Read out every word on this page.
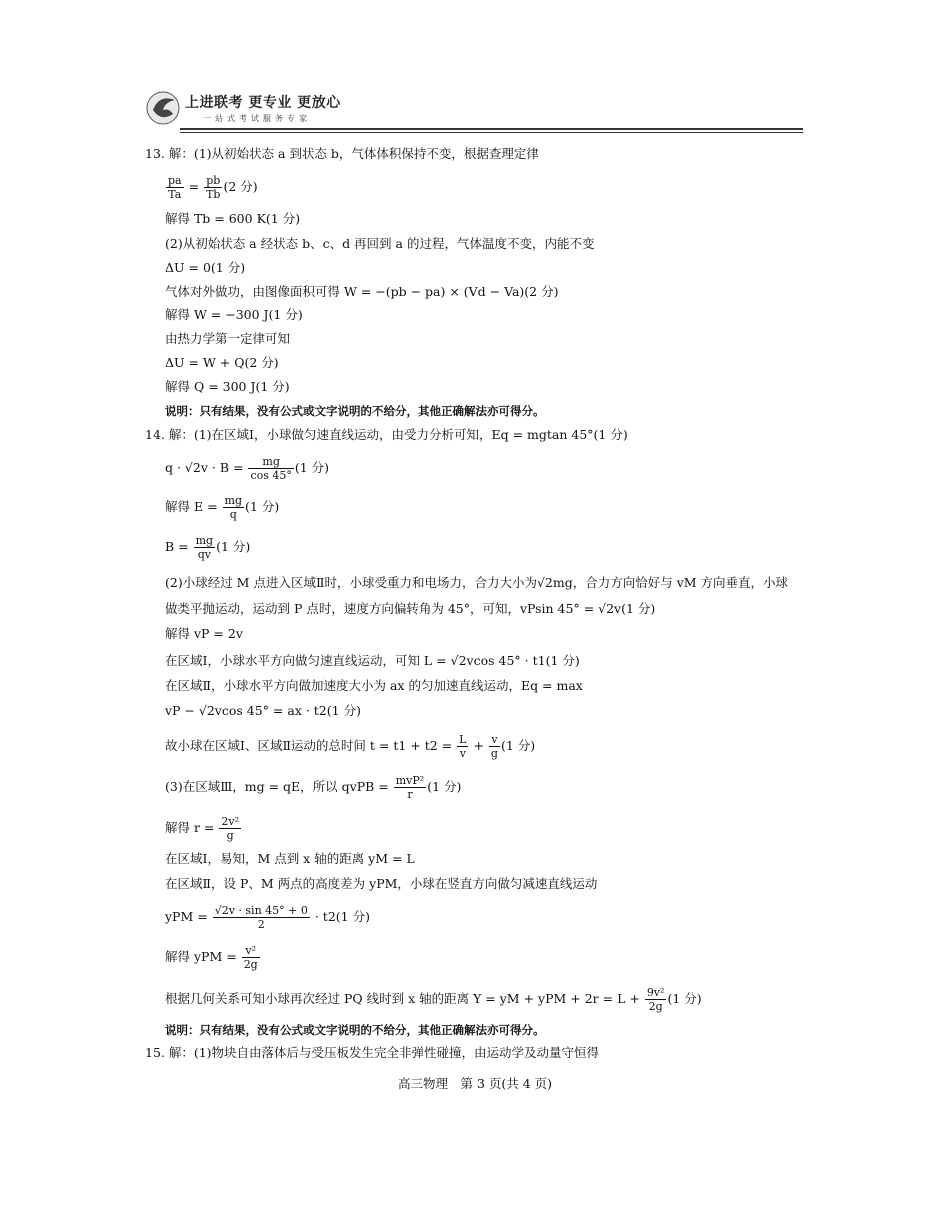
上进联考 更专业 更放心
一站式考试服务专家
13. 解：(1)从初始状态 a 到状态 b，气体体积保持不变，根据查理定律
$\frac{pa}{Ta} = \frac{pb}{Tb} (2$ 分)
解得 Tb = 600 K(1 分)
(2)从初始状态 a 经状态 b、c、d 再回到 a 的过程，气体温度不变，内能不变
ΔU = 0(1 分)
气体对外做功，由图像面积可得 W = −(pb − pa) × (Vd − Va)(2 分)
解得 W = −300 J(1 分)
由热力学第一定律可知
ΔU = W + Q(2 分)
解得 Q = 300 J(1 分)
说明：只有结果，没有公式或文字说明的不给分，其他正确解法亦可得分。
14. 解：(1)在区域Ⅰ，小球做匀速直线运动，由受力分析可知，Eq = mgtan 45°(1 分)
$q \cdot √2v \cdot B = \frac{mg}{\cos 45^\circ} (1$ 分)
解得 $E = \frac{mg}{q} (1$ 分)
$B = \frac{mg}{qv} (1$ 分)
(2)小球经过 M 点进入区域Ⅱ时，小球受重力和电场力，合力大小为√2mg，合力方向恰好与 vM 方向垂直，小球
做类平抛运动，运动到 P 点时，速度方向偏转角为 45°，可知，vPsin 45° = √2v(1 分)
解得 vP = 2v
在区域Ⅰ，小球水平方向做匀速直线运动，可知 L = √2vcos 45° · t1(1 分)
在区域Ⅱ，小球水平方向做加速度大小为 ax 的匀加速直线运动，Eq = max
vP − √2vcos 45° = ax · t2(1 分)
故小球在区域Ⅰ、区域Ⅱ运动的总时间 $t = t1 + t2 = \frac{L}{v} + \frac{v}{g} (1$ 分)
(3)在区域Ⅲ，mg = qE，所以 qvPB = $\frac{\text{mvP²}}{r} (1$ 分)
解得 $r = \frac{\text{2v²}}{g}$
在区域Ⅰ，易知，M 点到 x 轴的距离 yM = L
在区域Ⅱ，设 P、M 两点的高度差为 yPM，小球在竖直方向做匀减速直线运动
yPM = $\frac{√2v \cdot \sin 45^\circ + 0}{2} \cdot t2(1$ 分)
解得 yPM = $\frac{\text{v²}}{2g}$
根据几何关系可知小球再次经过 PQ 线时到 x 轴的距离 Y = yM + yPM + $2r = L + \frac{\text{9v²}}{2g} (1$ 分)
说明：只有结果，没有公式或文字说明的不给分，其他正确解法亦可得分。
15. 解：(1)物块自由落体后与受压板发生完全非弹性碰撞，由运动学及动量守恒得
高三物理　第 3 页(共 4 页)
